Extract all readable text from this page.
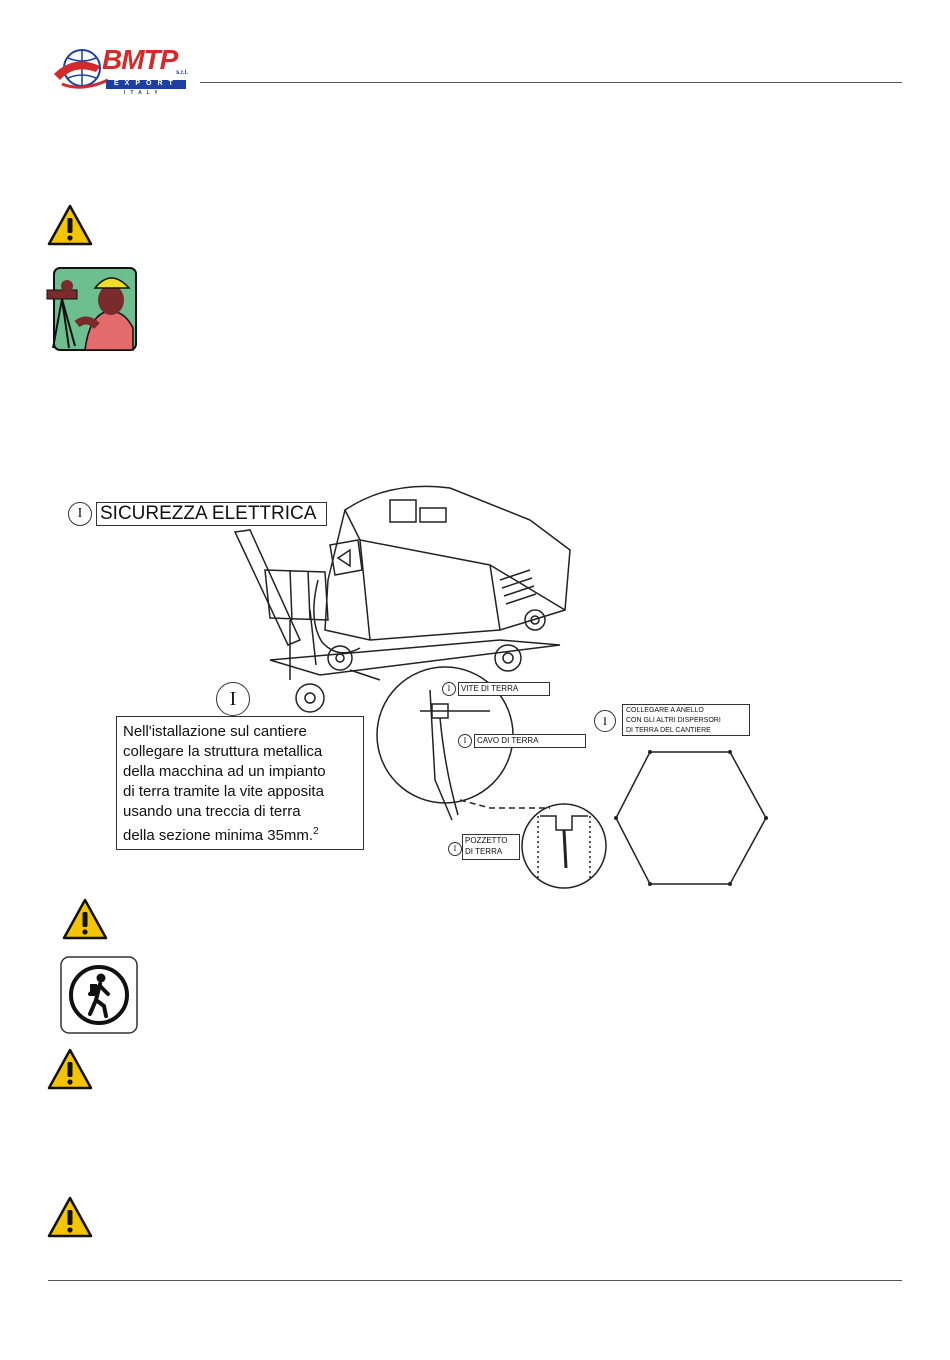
BMTP
s.r.l.
EXPORT
ITALY
I SICUREZZA ELETTRICA
I
Nell'istallazione sul cantiere
collegare la struttura metallica
della macchina ad un impianto
di terra tramite la vite apposita
usando una treccia di terra
della sezione minima 35mm.$^2$
I	VITE DI TERRA
I	CAVO DI TERRA
I
POZZETTO
DI TERRA
I
COLLEGARE A ANELLO
CON GLI ALTRI DISPERSORI
DI TERRA DEL CANTIERE
